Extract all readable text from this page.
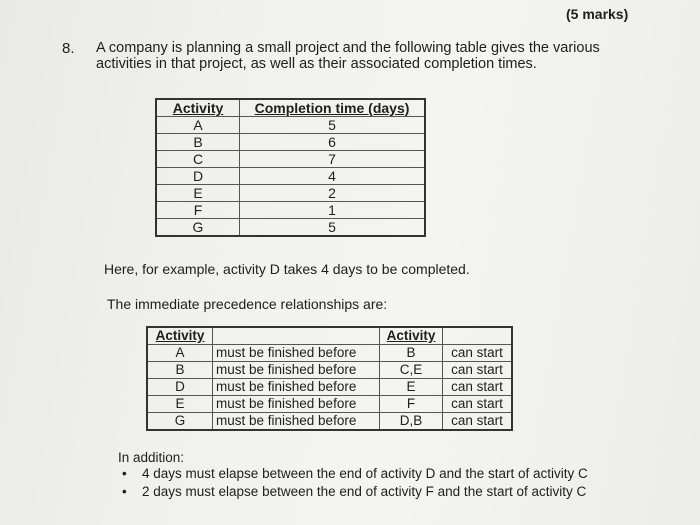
(5 marks)
8. A company is planning a small project and the following table gives the various
activities in that project, as well as their associated completion times.
Activity	Completion time (days)
A	5
B	6
C	7
D	4
E	2
F	1
G	5
Here, for example, activity D takes 4 days to be completed.
The immediate precedence relationships are:
Activity		Activity	
A	must be finished before	B	can start
B	must be finished before	C,E	can start
D	must be finished before	E	can start
E	must be finished before	F	can start
G	must be finished before	D,B	can start
In addition:
• 4 days must elapse between the end of activity D and the start of activity C
• 2 days must elapse between the end of activity F and the start of activity C
